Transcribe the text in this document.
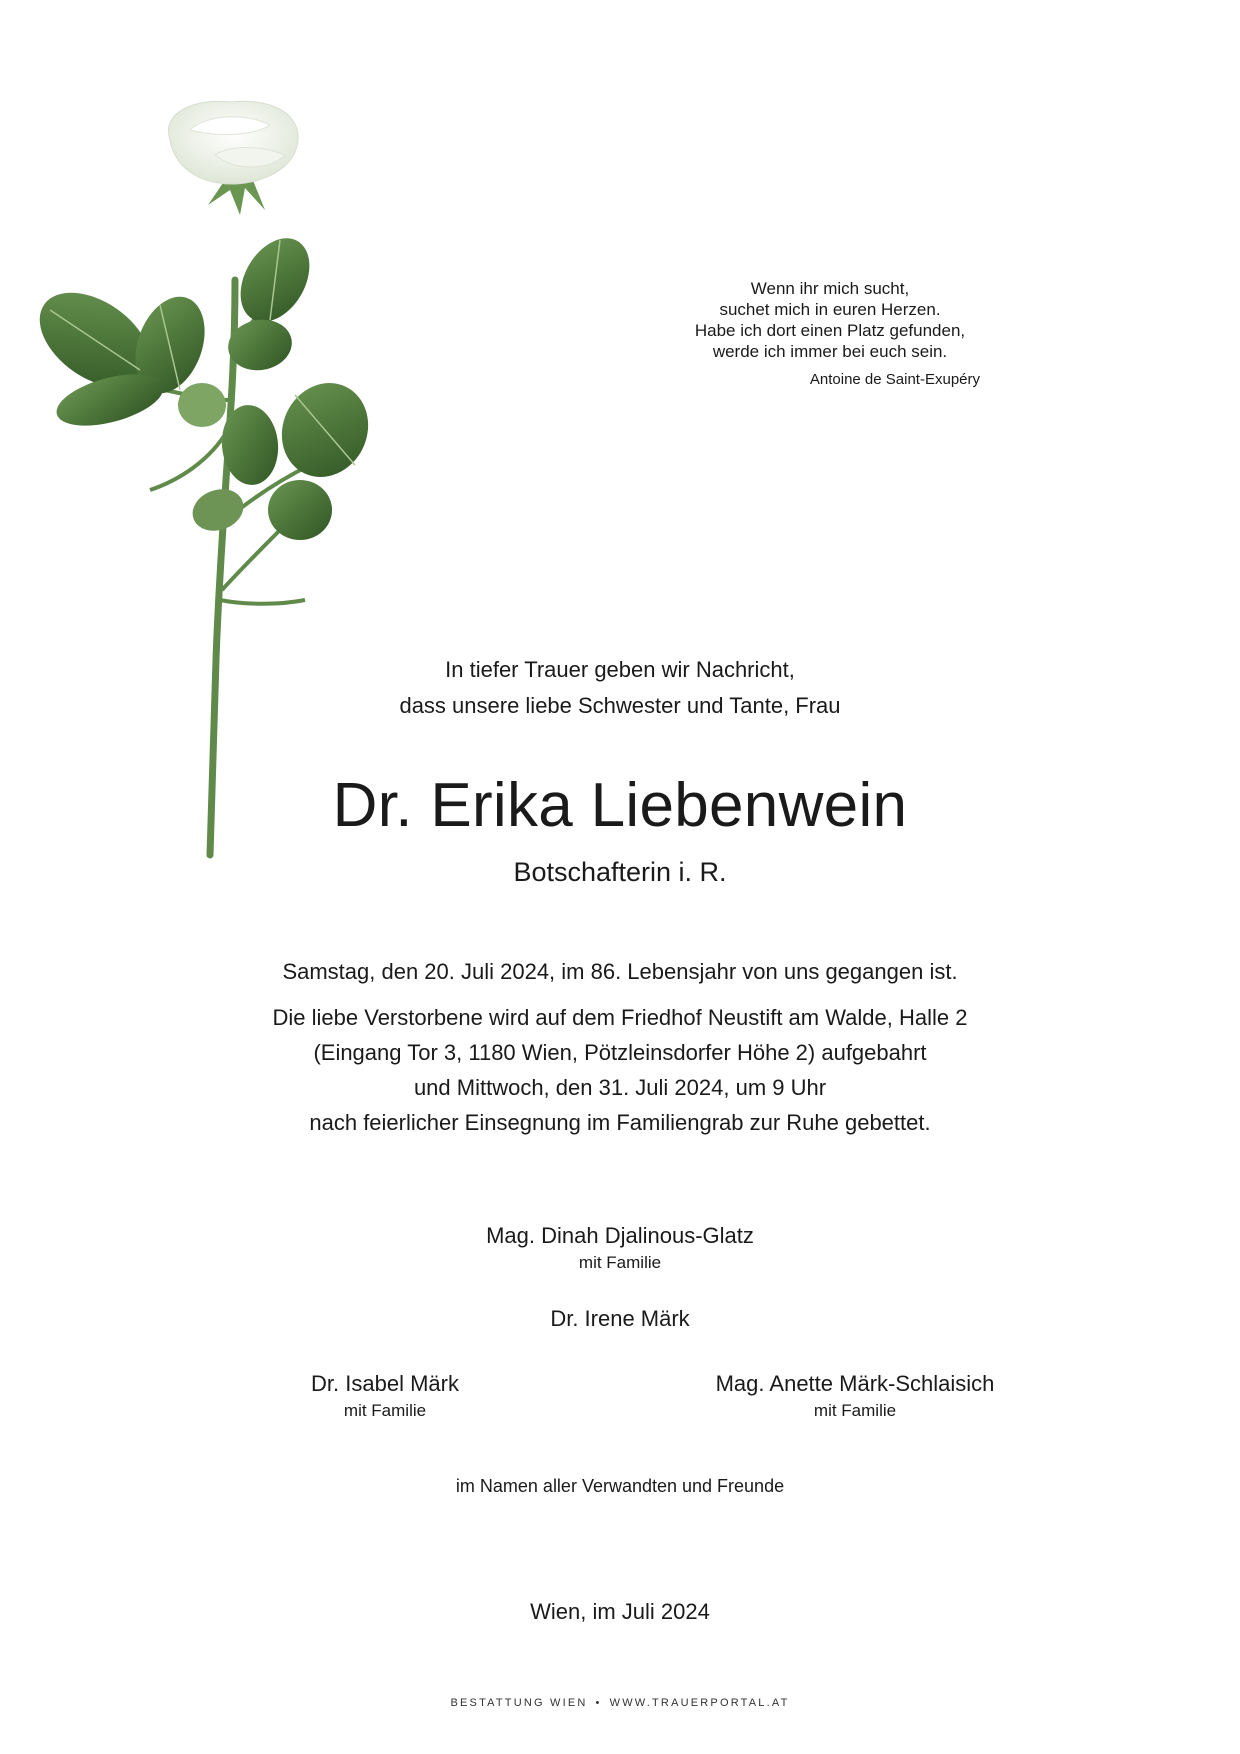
Wenn ihr mich sucht,
suchet mich in euren Herzen.
Habe ich dort einen Platz gefunden,
werde ich immer bei euch sein.
Antoine de Saint-Exupéry
In tiefer Trauer geben wir Nachricht,
dass unsere liebe Schwester und Tante, Frau
Dr. Erika Liebenwein
Botschafterin i. R.
Samstag, den 20. Juli 2024, im 86. Lebensjahr von uns gegangen ist.
Die liebe Verstorbene wird auf dem Friedhof Neustift am Walde, Halle 2
(Eingang Tor 3, 1180 Wien, Pötzleinsdorfer Höhe 2) aufgebahrt
und Mittwoch, den 31. Juli 2024, um 9 Uhr
nach feierlicher Einsegnung im Familiengrab zur Ruhe gebettet.
Mag. Dinah Djalinous-Glatz
mit Familie
Dr. Irene Märk
Dr. Isabel Märk
mit Familie
Mag. Anette Märk-Schlaisich
mit Familie
im Namen aller Verwandten und Freunde
Wien, im Juli 2024
BESTATTUNG WIEN • WWW.TRAUERPORTAL.AT
